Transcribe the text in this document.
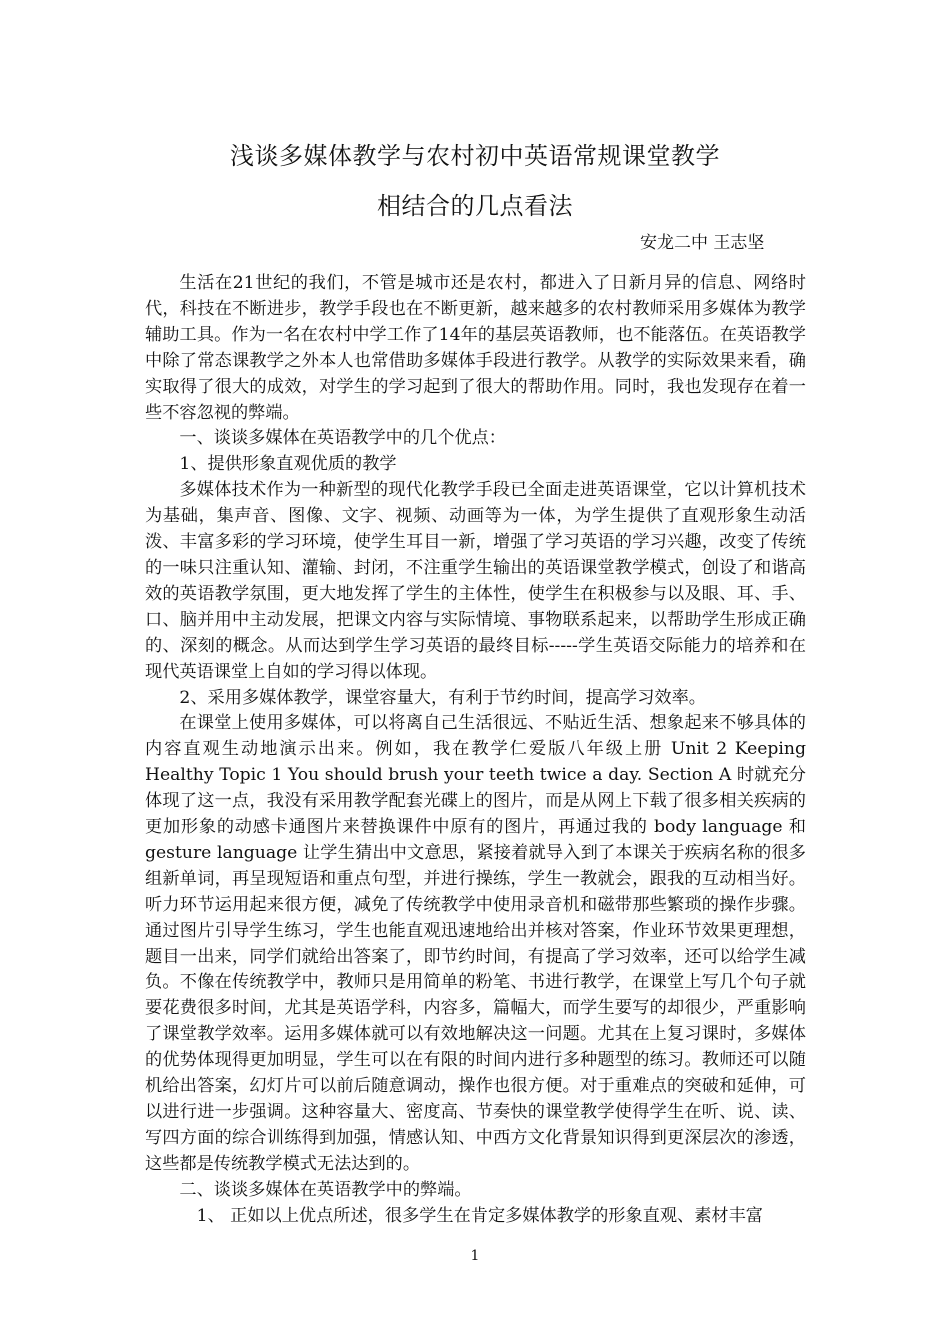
浅谈多媒体教学与农村初中英语常规课堂教学
相结合的几点看法
安龙二中 王志坚

生活在21世纪的我们，不管是城市还是农村，都进入了日新月异的信息、网络时代，科技在不断进步，教学手段也在不断更新，越来越多的农村教师采用多媒体为教学辅助工具。作为一名在农村中学工作了14年的基层英语教师，也不能落伍。在英语教学中除了常态课教学之外本人也常借助多媒体手段进行教学。从教学的实际效果来看，确实取得了很大的成效，对学生的学习起到了很大的帮助作用。同时，我也发现存在着一些不容忽视的弊端。

一、谈谈多媒体在英语教学中的几个优点：

1、提供形象直观优质的教学

多媒体技术作为一种新型的现代化教学手段已全面走进英语课堂，它以计算机技术为基础，集声音、图像、文字、视频、动画等为一体，为学生提供了直观形象生动活泼、丰富多彩的学习环境，使学生耳目一新，增强了学习英语的学习兴趣，改变了传统的一味只注重认知、灌输、封闭，不注重学生输出的英语课堂教学模式，创设了和谐高效的英语教学氛围，更大地发挥了学生的主体性，使学生在积极参与以及眼、耳、手、口、脑并用中主动发展，把课文内容与实际情境、事物联系起来，以帮助学生形成正确的、深刻的概念。从而达到学生学习英语的最终目标-----学生英语交际能力的培养和在现代英语课堂上自如的学习得以体现。

2、采用多媒体教学，课堂容量大，有利于节约时间，提高学习效率。

在课堂上使用多媒体，可以将离自己生活很远、不贴近生活、想象起来不够具体的内容直观生动地演示出来。例如，我在教学仁爱版八年级上册 Unit 2 Keeping Healthy Topic 1 You should brush your teeth twice a day. Section A 时就充分体现了这一点，我没有采用教学配套光碟上的图片，而是从网上下载了很多相关疾病的更加形象的动感卡通图片来替换课件中原有的图片，再通过我的 body language 和 gesture language 让学生猜出中文意思，紧接着就导入到了本课关于疾病名称的很多组新单词，再呈现短语和重点句型，并进行操练，学生一教就会，跟我的互动相当好。听力环节运用起来很方便，减免了传统教学中使用录音机和磁带那些繁琐的操作步骤。通过图片引导学生练习，学生也能直观迅速地给出并核对答案，作业环节效果更理想，题目一出来，同学们就给出答案了，即节约时间，有提高了学习效率，还可以给学生减负。不像在传统教学中，教师只是用简单的粉笔、书进行教学，在课堂上写几个句子就要花费很多时间，尤其是英语学科，内容多，篇幅大，而学生要写的却很少，严重影响了课堂教学效率。运用多媒体就可以有效地解决这一问题。尤其在上复习课时，多媒体的优势体现得更加明显，学生可以在有限的时间内进行多种题型的练习。教师还可以随机给出答案，幻灯片可以前后随意调动，操作也很方便。对于重难点的突破和延伸，可以进行进一步强调。这种容量大、密度高、节奏快的课堂教学使得学生在听、说、读、写四方面的综合训练得到加强，情感认知、中西方文化背景知识得到更深层次的渗透，这些都是传统教学模式无法达到的。

二、谈谈多媒体在英语教学中的弊端。

1、 正如以上优点所述，很多学生在肯定多媒体教学的形象直观、素材丰富

1
